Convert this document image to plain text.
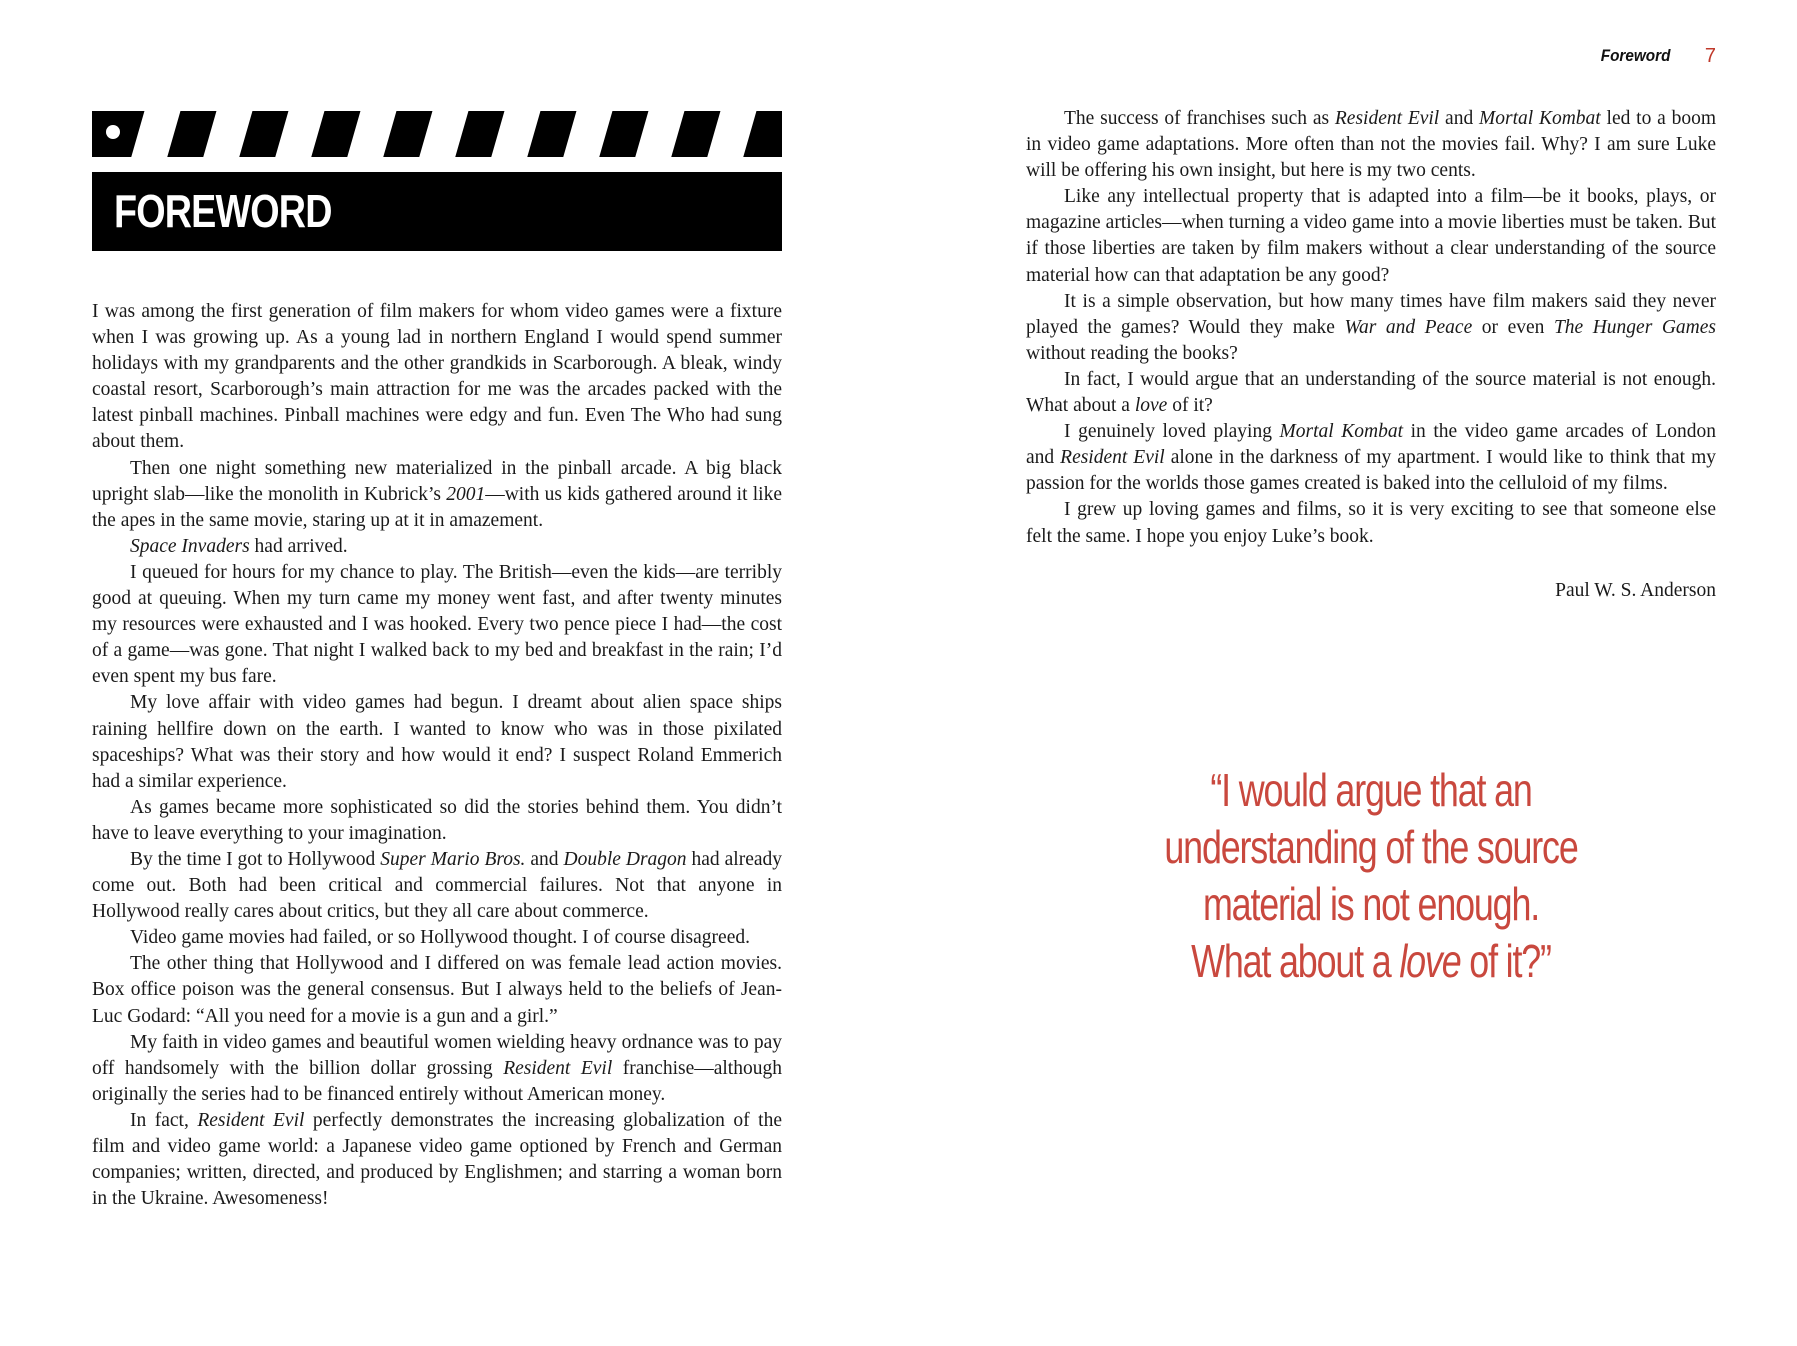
FOREWORD

I was among the first generation of film makers for whom video games were a fixture when I was growing up. As a young lad in northern England I would spend summer holidays with my grandparents and the other grandkids in Scarborough. A bleak, windy coastal resort, Scarborough’s main attraction for me was the arcades packed with the latest pinball machines. Pinball machines were edgy and fun. Even The Who had sung about them.

Then one night something new materialized in the pinball arcade. A big black upright slab—like the monolith in Kubrick’s 2001—with us kids gathered around it like the apes in the same movie, staring up at it in amazement.

Space Invaders had arrived.

I queued for hours for my chance to play. The British—even the kids—are terribly good at queuing. When my turn came my money went fast, and after twenty minutes my resources were exhausted and I was hooked. Every two pence piece I had—the cost of a game—was gone. That night I walked back to my bed and breakfast in the rain; I’d even spent my bus fare.

My love affair with video games had begun. I dreamt about alien space ships raining hellfire down on the earth. I wanted to know who was in those pixilated spaceships? What was their story and how would it end? I suspect Roland Emmerich had a similar experience.

As games became more sophisticated so did the stories behind them. You didn’t have to leave everything to your imagination.

By the time I got to Hollywood Super Mario Bros. and Double Dragon had already come out. Both had been critical and commercial failures. Not that anyone in Hollywood really cares about critics, but they all care about commerce.

Video game movies had failed, or so Hollywood thought. I of course disagreed.

The other thing that Hollywood and I differed on was female lead action movies. Box office poison was the general consensus. But I always held to the beliefs of Jean-Luc Godard: “All you need for a movie is a gun and a girl.”

My faith in video games and beautiful women wielding heavy ordnance was to pay off handsomely with the billion dollar grossing Resident Evil franchise—although originally the series had to be financed entirely without American money.

In fact, Resident Evil perfectly demonstrates the increasing globalization of the film and video game world: a Japanese video game optioned by French and German companies; written, directed, and produced by Englishmen; and starring a woman born in the Ukraine. Awesomeness!

Foreword 7

The success of franchises such as Resident Evil and Mortal Kombat led to a boom in video game adaptations. More often than not the movies fail. Why? I am sure Luke will be offering his own insight, but here is my two cents.

Like any intellectual property that is adapted into a film—be it books, plays, or magazine articles—when turning a video game into a movie liberties must be taken. But if those liberties are taken by film makers without a clear understanding of the source material how can that adaptation be any good?

It is a simple observation, but how many times have film makers said they never played the games? Would they make War and Peace or even The Hunger Games without reading the books?

In fact, I would argue that an understanding of the source material is not enough. What about a love of it?

I genuinely loved playing Mortal Kombat in the video game arcades of London and Resident Evil alone in the darkness of my apartment. I would like to think that my passion for the worlds those games created is baked into the celluloid of my films.

I grew up loving games and films, so it is very exciting to see that someone else felt the same. I hope you enjoy Luke’s book.

Paul W. S. Anderson
“I would argue that an
understanding of the source
material is not enough.
What about a love of it?”
